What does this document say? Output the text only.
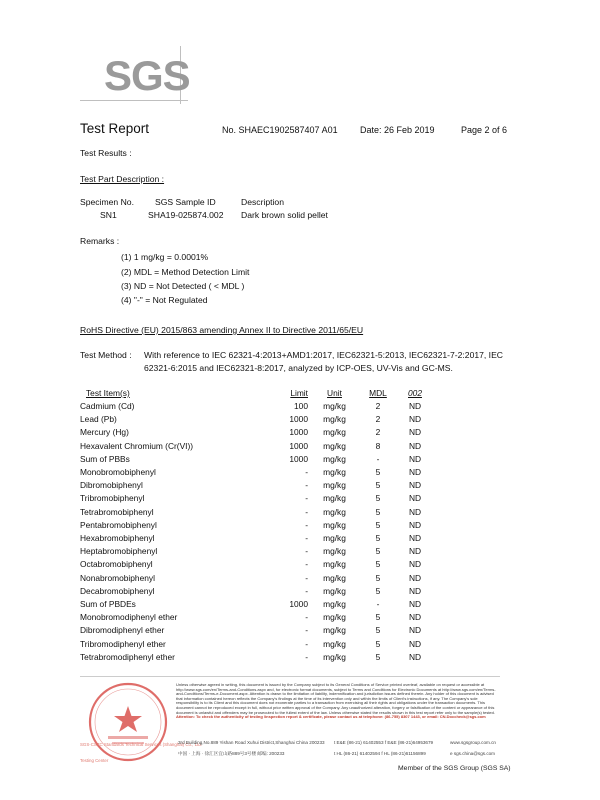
SGS
Test Report	No. SHAEC1902587407 A01 Date: 26 Feb 2019	Page 2 of 6
Test Results :
Test Part Description :
Specimen No. SGS Sample ID	Description
SN1	SHA19-025874.002 Dark brown solid pellet
Remarks :
(1) 1 mg/kg = 0.0001%
(2) MDL = Method Detection Limit
(3) ND = Not Detected ( < MDL )
(4) "-" = Not Regulated
RoHS Directive (EU) 2015/863 amending Annex II to Directive 2011/65/EU
Test Method : With reference to IEC 62321-4:2013+AMD1:2017, IEC62321-5:2013, IEC62321-7-2:2017, IEC
62321-6:2015 and IEC62321-8:2017, analyzed by ICP-OES, UV-Vis and GC-MS.
Test Item(s)	Limit	Unit	MDL	002
Cadmium (Cd)	100	mg/kg	2	ND
Lead (Pb)	1000	mg/kg	2	ND
Mercury (Hg)	1000	mg/kg	2	ND
Hexavalent Chromium (Cr(VI))	1000	mg/kg	8	ND
Sum of PBBs	1000	mg/kg	-	ND
Monobromobiphenyl	-	mg/kg	5	ND
Dibromobiphenyl	-	mg/kg	5	ND
Tribromobiphenyl	-	mg/kg	5	ND
Tetrabromobiphenyl	-	mg/kg	5	ND
Pentabromobiphenyl	-	mg/kg	5	ND
Hexabromobiphenyl	-	mg/kg	5	ND
Heptabromobiphenyl	-	mg/kg	5	ND
Octabromobiphenyl	-	mg/kg	5	ND
Nonabromobiphenyl	-	mg/kg	5	ND
Decabromobiphenyl	-	mg/kg	5	ND
Sum of PBDEs	1000	mg/kg	-	ND
Monobromodiphenyl ether	-	mg/kg	5	ND
Dibromodiphenyl ether	-	mg/kg	5	ND
Tribromodiphenyl ether	-	mg/kg	5	ND
Tetrabromodiphenyl ether	-	mg/kg	5	ND
SGS-CSTC Standards Technical Services (Shanghai) Co., Ltd.
Testing Center
Unless otherwise agreed in writing, this document is issued by the Company subject to its General Conditions of Service printed overleaf, available on request or accessible at http://www.sgs.com/en/Terms-and-Conditions.aspx and, for electronic format documents, subject to Terms and Conditions for Electronic Documents at http://www.sgs.com/en/Terms-and-Conditions/Terms-e-Document.aspx. Attention is drawn to the limitation of liability, indemnification and jurisdiction issues defined therein. Any holder of this document is advised that information contained hereon reflects the Company's findings at the time of its intervention only and within the limits of Client's instructions, if any. The Company's sole responsibility is to its Client and this document does not exonerate parties to a transaction from exercising all their rights and obligations under the transaction documents. This document cannot be reproduced except in full, without prior written approval of the Company. Any unauthorized alteration, forgery or falsification of the content or appearance of this document is unlawful and offenders may be prosecuted to the fullest extent of the law. Unless otherwise stated the results shown in this test report refer only to the sample(s) tested. Attention: To check the authenticity of testing /inspection report & certificate, please contact us at telephone: (86-755) 8307 1443, or email: CN.Doccheck@sgs.com
3rd Building,No.889 Yishan Road Xuhui District,Shanghai China 200233
中国 · 上海 · 徐汇区宜山路889号3号楼 邮编: 200233
t E&E (86-21) 61402553 f E&E (86-21)64953679
t HL (86-21) 61402594 f HL (86-21)61156899
www.sgsgroup.com.cn
e sgs.china@sgs.com
Member of the SGS Group (SGS SA)
